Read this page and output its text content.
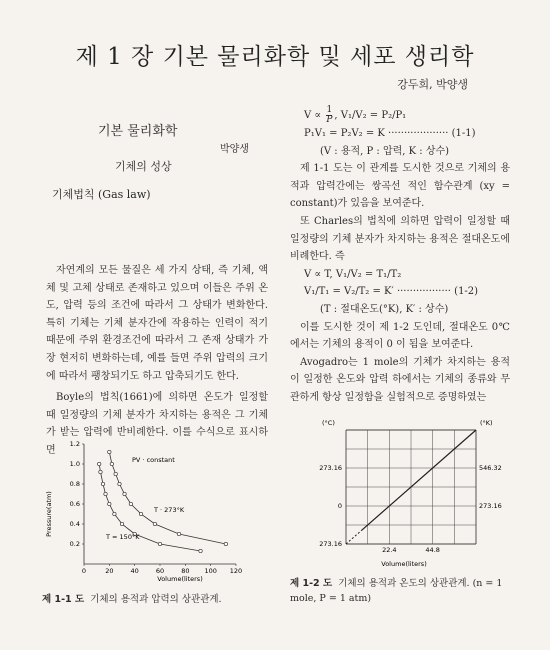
제 1 장 기본 물리화학 및 세포 생리학
강두희, 박양생
기본 물리화학
박양생
기체의 성상
기체법칙 (Gas law)

자연계의 모든 물질은 세 가지 상태, 즉 기체, 액체 및 고체 상태로 존재하고 있으며 이들은 주위 온도, 압력 등의 조건에 따라서 그 상태가 변화한다. 특히 기체는 기체 분자간에 작용하는 인력이 적기 때문에 주위 환경조건에 따라서 그 존재 상태가 가장 현저히 변화하는데, 예를 들면 주위 압력의 크기에 따라서 팽창되기도 하고 압축되기도 한다.

Boyle의 법칙(1661)에 의하면 온도가 일정할 때 일정량의 기체 분자가 차지하는 용적은 그 기체가 받는 압력에 반비례한다. 이를 수식으로 표시하면

$V \propto \frac{1}{P}$ , V₁/V₂ = P₂/P₁
P₁V₁ = P₂V₂ = K ··················· (1-1)
(V : 용적, P : 압력, K : 상수)

제 1-1 도는 이 관계를 도시한 것으로 기체의 용적과 압력간에는 쌍곡선 적인 함수관계 (xy = constant)가 있음을 보여준다.

또 Charles의 법칙에 의하면 압력이 일정할 때 일정량의 기체 분자가 차지하는 용적은 절대온도에 비례한다. 즉

V ∝ T, V₁/V₂ = T₁/T₂
V₁/T₁ = V₂/T₂ = K′ ················· (1-2)
(T : 절대온도(°K), K′ : 상수)

이를 도시한 것이 제 1-2 도인데, 절대온도 0℃에서는 기체의 용적이 0 이 됨을 보여준다.

Avogadro는 1 mole의 기체가 차지하는 용적이 일정한 온도와 압력 하에서는 기체의 종류와 무관하게 항상 일정함을 실험적으로 증명하였는

0	20	40	60	80 100 120
0.2
0.4
0.6
0.8
1.0
1.2
PV · constant
T · 273°K
T = 150°K
Volume(liters)
Pressure(atm)
제 1-1 도 기체의 용적과 압력의 상관관계.
22.4	44.8
273.16
0
273.16
546.32
273.16
(°C)	(°K)
Volume(liters)
제 1-2 도 기체의 용적과 온도의 상관관계. (n = 1 mole, P = 1 atm)
